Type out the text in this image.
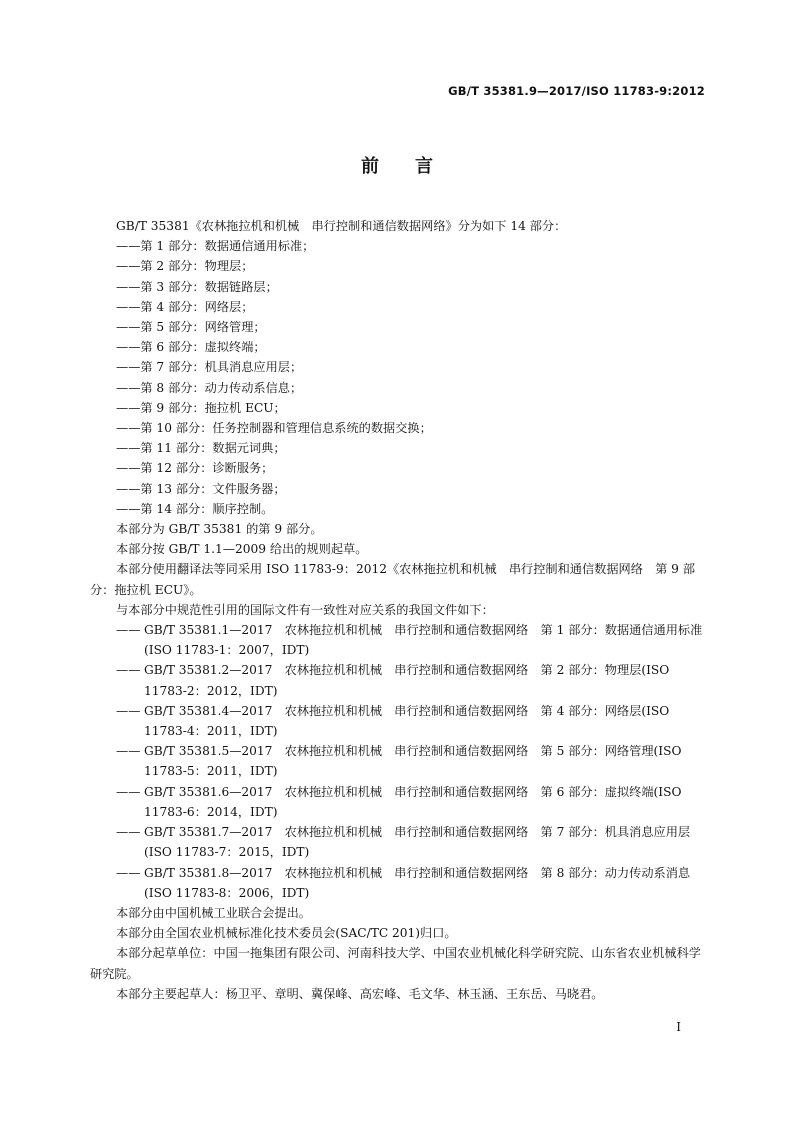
GB/T 35381.9—2017/ISO 11783-9:2012
前言

GB/T 35381《农林拖拉机和机械　串行控制和通信数据网络》分为如下 14 部分：

——第 1 部分：数据通信通用标准；

——第 2 部分：物理层；

——第 3 部分：数据链路层；

——第 4 部分：网络层；

——第 5 部分：网络管理；

——第 6 部分：虚拟终端；

——第 7 部分：机具消息应用层；

——第 8 部分：动力传动系信息；

——第 9 部分：拖拉机 ECU；

——第 10 部分：任务控制器和管理信息系统的数据交换；

——第 11 部分：数据元词典；

——第 12 部分：诊断服务；

——第 13 部分：文件服务器；

——第 14 部分：顺序控制。

本部分为 GB/T 35381 的第 9 部分。

本部分按 GB/T 1.1—2009 给出的规则起草。

本部分使用翻译法等同采用 ISO 11783-9：2012《农林拖拉机和机械　串行控制和通信数据网络　第 9 部分：拖拉机 ECU》。

与本部分中规范性引用的国际文件有一致性对应关系的我国文件如下：

—— GB/T 35381.1—2017　农林拖拉机和机械　串行控制和通信数据网络　第 1 部分：数据通信通用标准(ISO 11783-1：2007，IDT)
—— GB/T 35381.2—2017　农林拖拉机和机械　串行控制和通信数据网络　第 2 部分：物理层(ISO 11783-2：2012，IDT)
—— GB/T 35381.4—2017　农林拖拉机和机械　串行控制和通信数据网络　第 4 部分：网络层(ISO 11783-4：2011，IDT)
—— GB/T 35381.5—2017　农林拖拉机和机械　串行控制和通信数据网络　第 5 部分：网络管理(ISO 11783-5：2011，IDT)
—— GB/T 35381.6—2017　农林拖拉机和机械　串行控制和通信数据网络　第 6 部分：虚拟终端(ISO 11783-6：2014，IDT)
—— GB/T 35381.7—2017　农林拖拉机和机械　串行控制和通信数据网络　第 7 部分：机具消息应用层(ISO 11783-7：2015，IDT)
—— GB/T 35381.8—2017　农林拖拉机和机械　串行控制和通信数据网络　第 8 部分：动力传动系消息(ISO 11783-8：2006，IDT)

本部分由中国机械工业联合会提出。

本部分由全国农业机械标准化技术委员会(SAC/TC 201)归口。

本部分起草单位：中国一拖集团有限公司、河南科技大学、中国农业机械化科学研究院、山东省农业机械科学研究院。

本部分主要起草人：杨卫平、章明、冀保峰、高宏峰、毛文华、林玉涵、王东岳、马晓君。

I
